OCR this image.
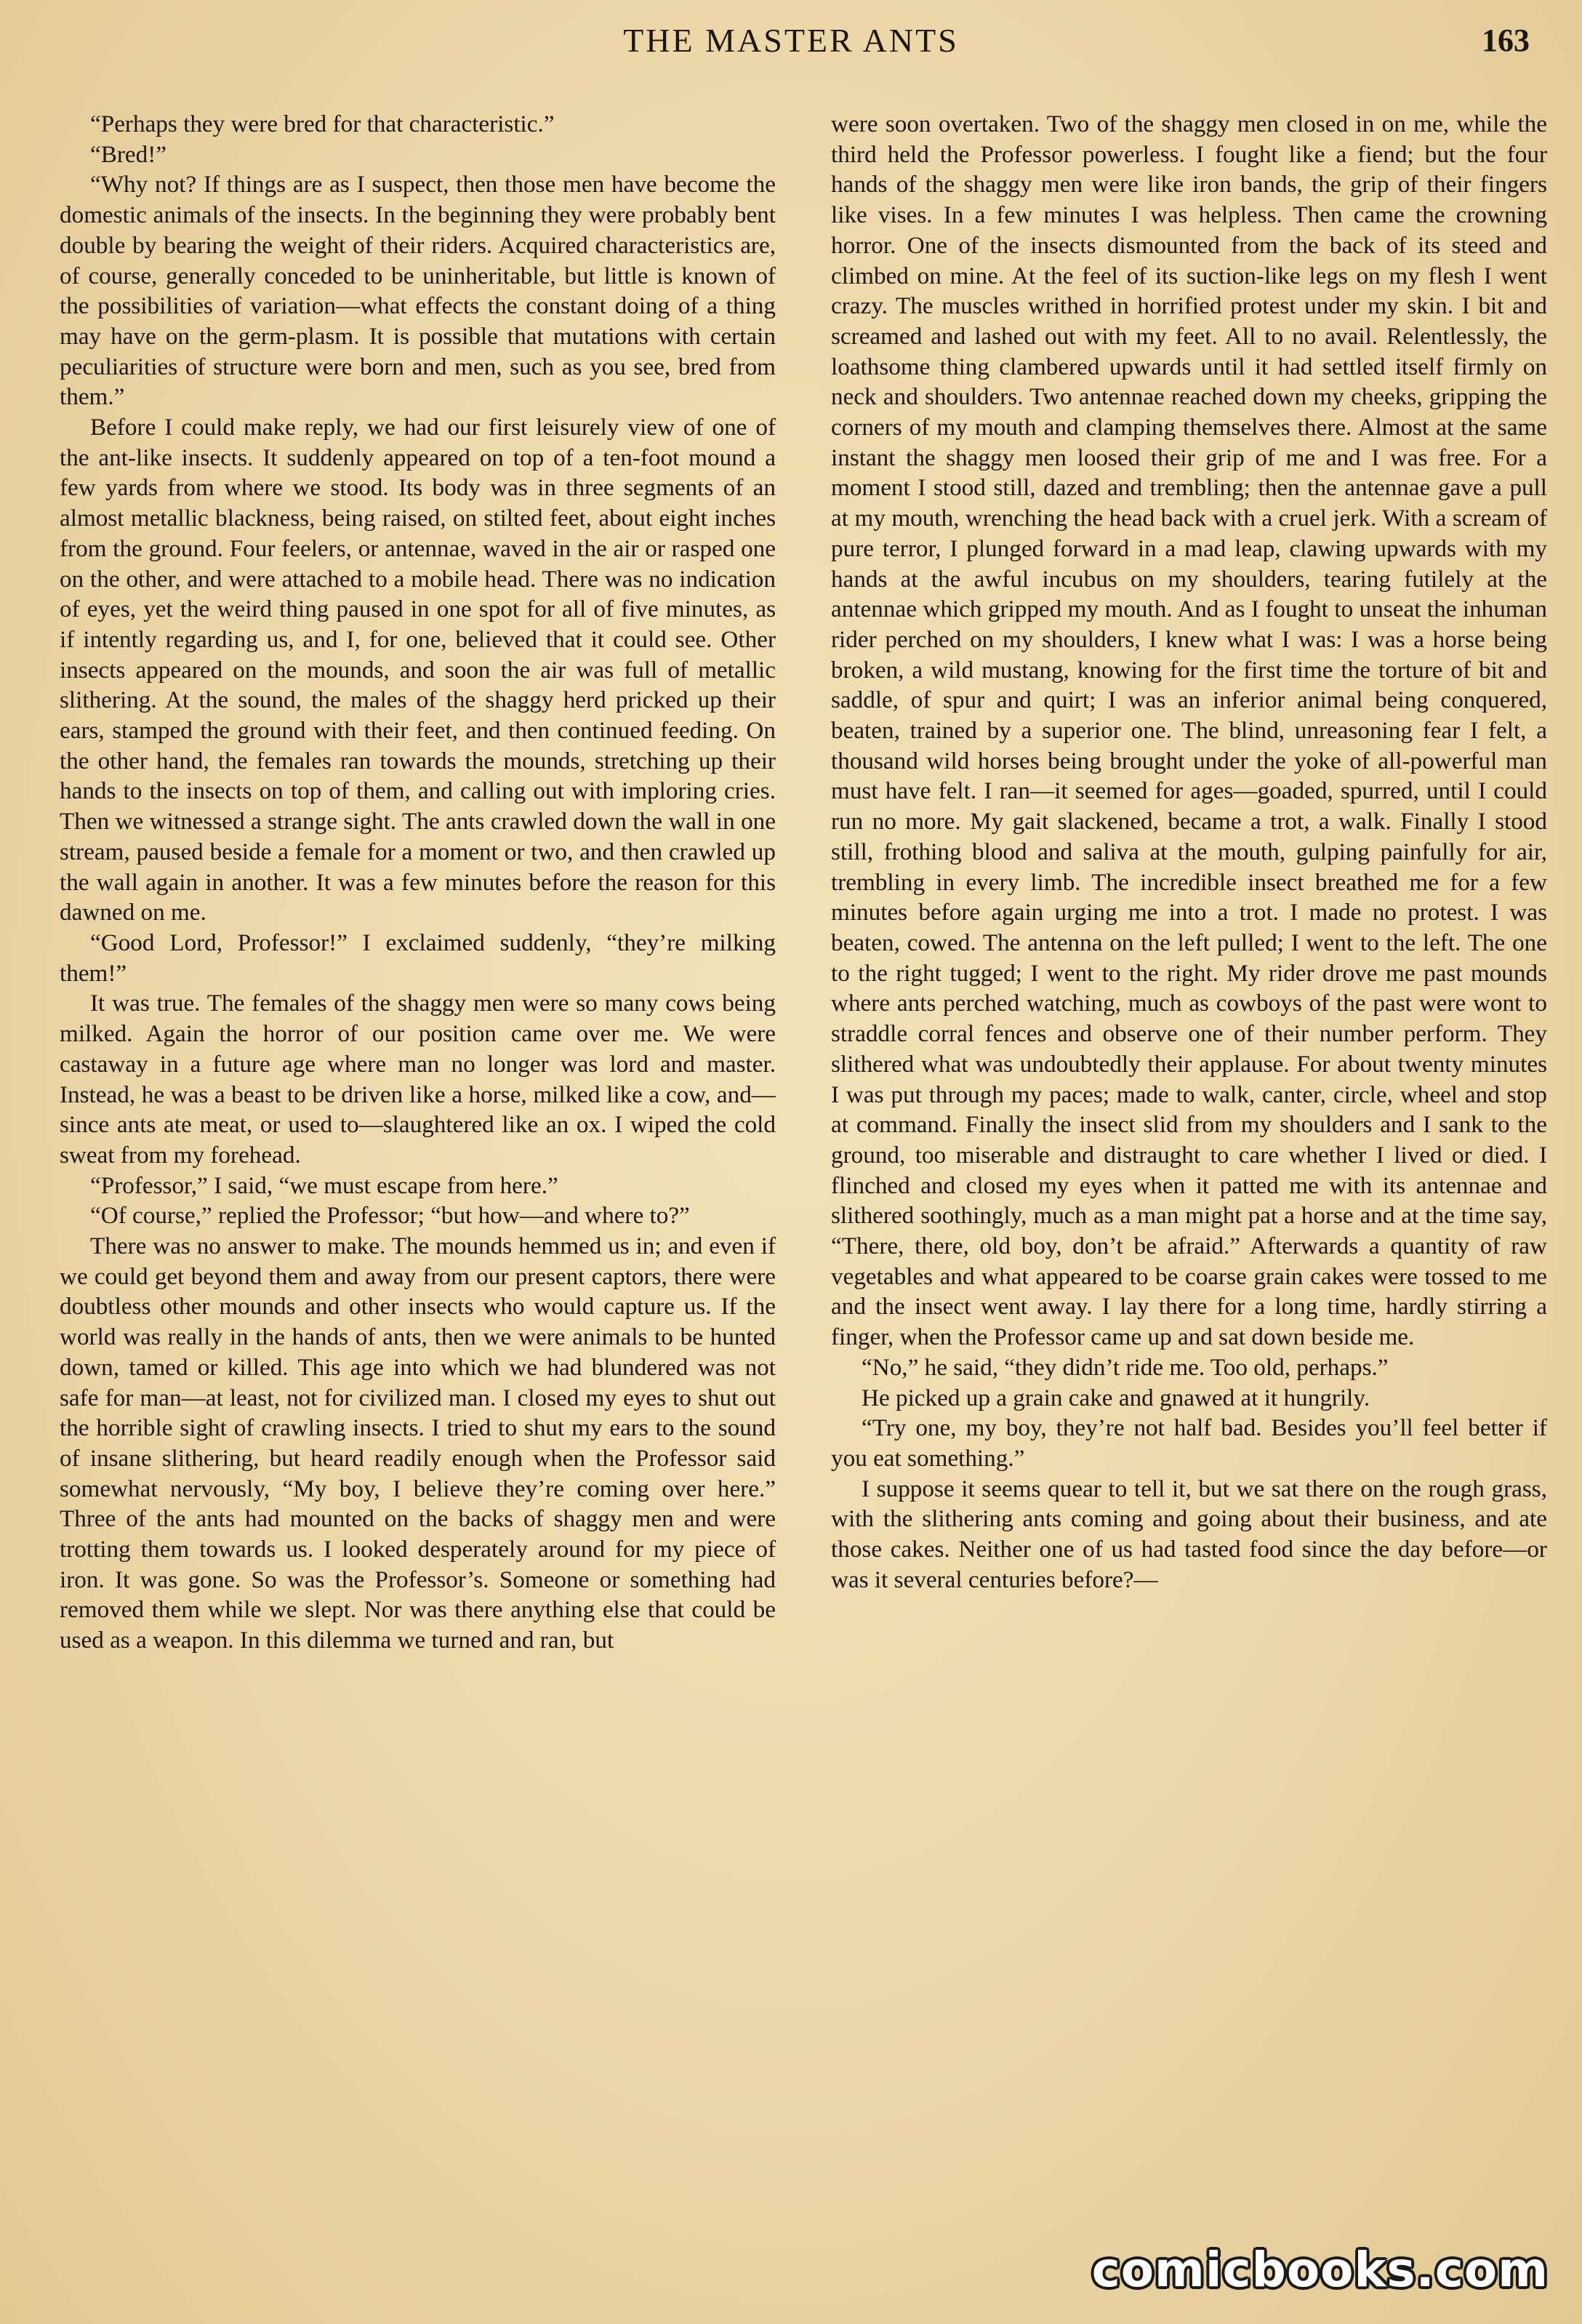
THE MASTER ANTS	163

“Perhaps they were bred for that characteristic.”

“Bred!”

“Why not? If things are as I suspect, then those men have become the domestic animals of the insects. In the beginning they were probably bent double by bearing the weight of their riders. Acquired characteristics are, of course, generally conceded to be uninheritable, but little is known of the possibilities of variation—what effects the constant doing of a thing may have on the germ-plasm. It is possible that mutations with certain peculiarities of structure were born and men, such as you see, bred from them.”

Before I could make reply, we had our first leisurely view of one of the ant-like insects. It suddenly appeared on top of a ten-foot mound a few yards from where we stood. Its body was in three segments of an almost metallic blackness, being raised, on stilted feet, about eight inches from the ground. Four feelers, or antennae, waved in the air or rasped one on the other, and were attached to a mobile head. There was no indication of eyes, yet the weird thing paused in one spot for all of five minutes, as if intently regarding us, and I, for one, believed that it could see. Other insects appeared on the mounds, and soon the air was full of metallic slithering. At the sound, the males of the shaggy herd pricked up their ears, stamped the ground with their feet, and then continued feeding. On the other hand, the females ran towards the mounds, stretching up their hands to the insects on top of them, and calling out with imploring cries. Then we witnessed a strange sight. The ants crawled down the wall in one stream, paused beside a female for a moment or two, and then crawled up the wall again in another. It was a few minutes before the reason for this dawned on me.

“Good Lord, Professor!” I exclaimed suddenly, “they’re milking them!”

It was true. The females of the shaggy men were so many cows being milked. Again the horror of our position came over me. We were castaway in a future age where man no longer was lord and master. Instead, he was a beast to be driven like a horse, milked like a cow, and—since ants ate meat, or used to—slaughtered like an ox. I wiped the cold sweat from my forehead.

“Professor,” I said, “we must escape from here.”

“Of course,” replied the Professor; “but how—and where to?”

There was no answer to make. The mounds hemmed us in; and even if we could get beyond them and away from our present captors, there were doubtless other mounds and other insects who would capture us. If the world was really in the hands of ants, then we were animals to be hunted down, tamed or killed. This age into which we had blundered was not safe for man—at least, not for civilized man. I closed my eyes to shut out the horrible sight of crawling insects. I tried to shut my ears to the sound of insane slithering, but heard readily enough when the Professor said somewhat nervously, “My boy, I believe they’re coming over here.” Three of the ants had mounted on the backs of shaggy men and were trotting them towards us. I looked desperately around for my piece of iron. It was gone. So was the Professor’s. Someone or something had removed them while we slept. Nor was there anything else that could be used as a weapon. In this dilemma we turned and ran, but

were soon overtaken. Two of the shaggy men closed in on me, while the third held the Professor powerless. I fought like a fiend; but the four hands of the shaggy men were like iron bands, the grip of their fingers like vises. In a few minutes I was helpless. Then came the crowning horror. One of the insects dismounted from the back of its steed and climbed on mine. At the feel of its suction-like legs on my flesh I went crazy. The muscles writhed in horrified protest under my skin. I bit and screamed and lashed out with my feet. All to no avail. Relentlessly, the loathsome thing clambered upwards until it had settled itself firmly on neck and shoulders. Two antennae reached down my cheeks, gripping the corners of my mouth and clamping themselves there. Almost at the same instant the shaggy men loosed their grip of me and I was free. For a moment I stood still, dazed and trembling; then the antennae gave a pull at my mouth, wrenching the head back with a cruel jerk. With a scream of pure terror, I plunged forward in a mad leap, clawing upwards with my hands at the awful incubus on my shoulders, tearing futilely at the antennae which gripped my mouth. And as I fought to unseat the inhuman rider perched on my shoulders, I knew what I was: I was a horse being broken, a wild mustang, knowing for the first time the torture of bit and saddle, of spur and quirt; I was an inferior animal being conquered, beaten, trained by a superior one. The blind, unreasoning fear I felt, a thousand wild horses being brought under the yoke of all-powerful man must have felt. I ran—it seemed for ages—goaded, spurred, until I could run no more. My gait slackened, became a trot, a walk. Finally I stood still, frothing blood and saliva at the mouth, gulping painfully for air, trembling in every limb. The incredible insect breathed me for a few minutes before again urging me into a trot. I made no protest. I was beaten, cowed. The antenna on the left pulled; I went to the left. The one to the right tugged; I went to the right. My rider drove me past mounds where ants perched watching, much as cowboys of the past were wont to straddle corral fences and observe one of their number perform. They slithered what was undoubtedly their applause. For about twenty minutes I was put through my paces; made to walk, canter, circle, wheel and stop at command. Finally the insect slid from my shoulders and I sank to the ground, too miserable and distraught to care whether I lived or died. I flinched and closed my eyes when it patted me with its antennae and slithered soothingly, much as a man might pat a horse and at the time say, “There, there, old boy, don’t be afraid.” Afterwards a quantity of raw vegetables and what appeared to be coarse grain cakes were tossed to me and the insect went away. I lay there for a long time, hardly stirring a finger, when the Professor came up and sat down beside me.

“No,” he said, “they didn’t ride me. Too old, perhaps.”

He picked up a grain cake and gnawed at it hungrily.

“Try one, my boy, they’re not half bad. Besides you’ll feel better if you eat something.”

I suppose it seems quear to tell it, but we sat there on the rough grass, with the slithering ants coming and going about their business, and ate those cakes. Neither one of us had tasted food since the day before—or was it several centuries before?—

comicbooks.com
